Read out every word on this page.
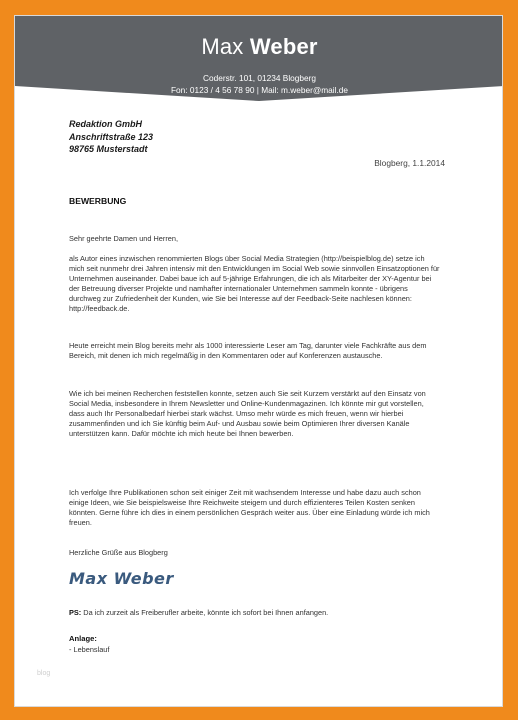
Max Weber
Coderstr. 101, 01234 Blogberg
Fon: 0123 / 4 56 78 90 | Mail: m.weber@mail.de
Redaktion GmbH
Anschriftstraße 123
98765 Musterstadt
Blogberg, 1.1.2014
BEWERBUNG
Sehr geehrte Damen und Herren,
als Autor eines inzwischen renommierten Blogs über Social Media Strategien (http://beispielblog.de) setze ich mich seit nunmehr drei Jahren intensiv mit den Entwicklungen im Social Web sowie sinnvollen Einsatzoptionen für Unternehmen auseinander. Dabei baue ich auf 5-jährige Erfahrungen, die ich als Mitarbeiter der XY-Agentur bei der Betreuung diverser Projekte und namhafter internationaler Unternehmen sammeln konnte - übrigens durchweg zur Zufriedenheit der Kunden, wie Sie bei Interesse auf der Feedback-Seite nachlesen können: http://feedback.de.
Heute erreicht mein Blog bereits mehr als 1000 interessierte Leser am Tag, darunter viele Fachkräfte aus dem Bereich, mit denen ich mich regelmäßig in den Kommentaren oder auf Konferenzen austausche.
Wie ich bei meinen Recherchen feststellen konnte, setzen auch Sie seit Kurzem verstärkt auf den Einsatz von Social Media, insbesondere in Ihrem Newsletter und Online-Kundenmagazinen. Ich könnte mir gut vorstellen, dass auch Ihr Personalbedarf hierbei stark wächst. Umso mehr würde es mich freuen, wenn wir hierbei zusammenfinden und ich Sie künftig beim Auf- und Ausbau sowie beim Optimieren Ihrer diversen Kanäle unterstützen kann. Dafür möchte ich mich heute bei Ihnen bewerben.
Ich verfolge Ihre Publikationen schon seit einiger Zeit mit wachsendem Interesse und habe dazu auch schon einige Ideen, wie Sie beispielsweise Ihre Reichweite steigern und durch effizienteres Teilen Kosten senken könnten. Gerne führe ich dies in einem persönlichen Gespräch weiter aus. Über eine Einladung würde ich mich freuen.
Herzliche Grüße aus Blogberg
Max Weber
PS: Da ich zurzeit als Freiberufler arbeite, könnte ich sofort bei Ihnen anfangen.
Anlage:
- Lebenslauf
blog
